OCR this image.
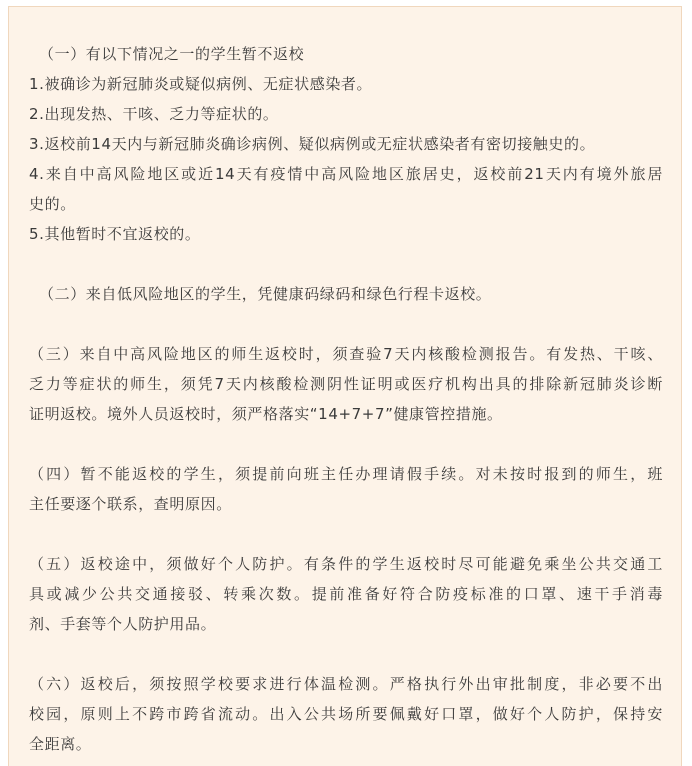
（一）有以下情况之一的学生暂不返校
1.被确诊为新冠肺炎或疑似病例、无症状感染者。
2.出现发热、干咳、乏力等症状的。
3.返校前14天内与新冠肺炎确诊病例、疑似病例或无症状感染者有密切接触史的。
4.来自中高风险地区或近14天有疫情中高风险地区旅居史，返校前21天内有境外旅居
史的。
5.其他暂时不宜返校的。
（二）来自低风险地区的学生，凭健康码绿码和绿色行程卡返校。
（三）来自中高风险地区的师生返校时，须查验7天内核酸检测报告。有发热、干咳、
乏力等症状的师生，须凭7天内核酸检测阴性证明或医疗机构出具的排除新冠肺炎诊断
证明返校。境外人员返校时，须严格落实“14+7+7”健康管控措施。
（四）暂不能返校的学生，须提前向班主任办理请假手续。对未按时报到的师生，班
主任要逐个联系，查明原因。
（五）返校途中，须做好个人防护。有条件的学生返校时尽可能避免乘坐公共交通工
具或减少公共交通接驳、转乘次数。提前准备好符合防疫标准的口罩、速干手消毒
剂、手套等个人防护用品。
（六）返校后，须按照学校要求进行体温检测。严格执行外出审批制度，非必要不出
校园，原则上不跨市跨省流动。出入公共场所要佩戴好口罩，做好个人防护，保持安
全距离。
